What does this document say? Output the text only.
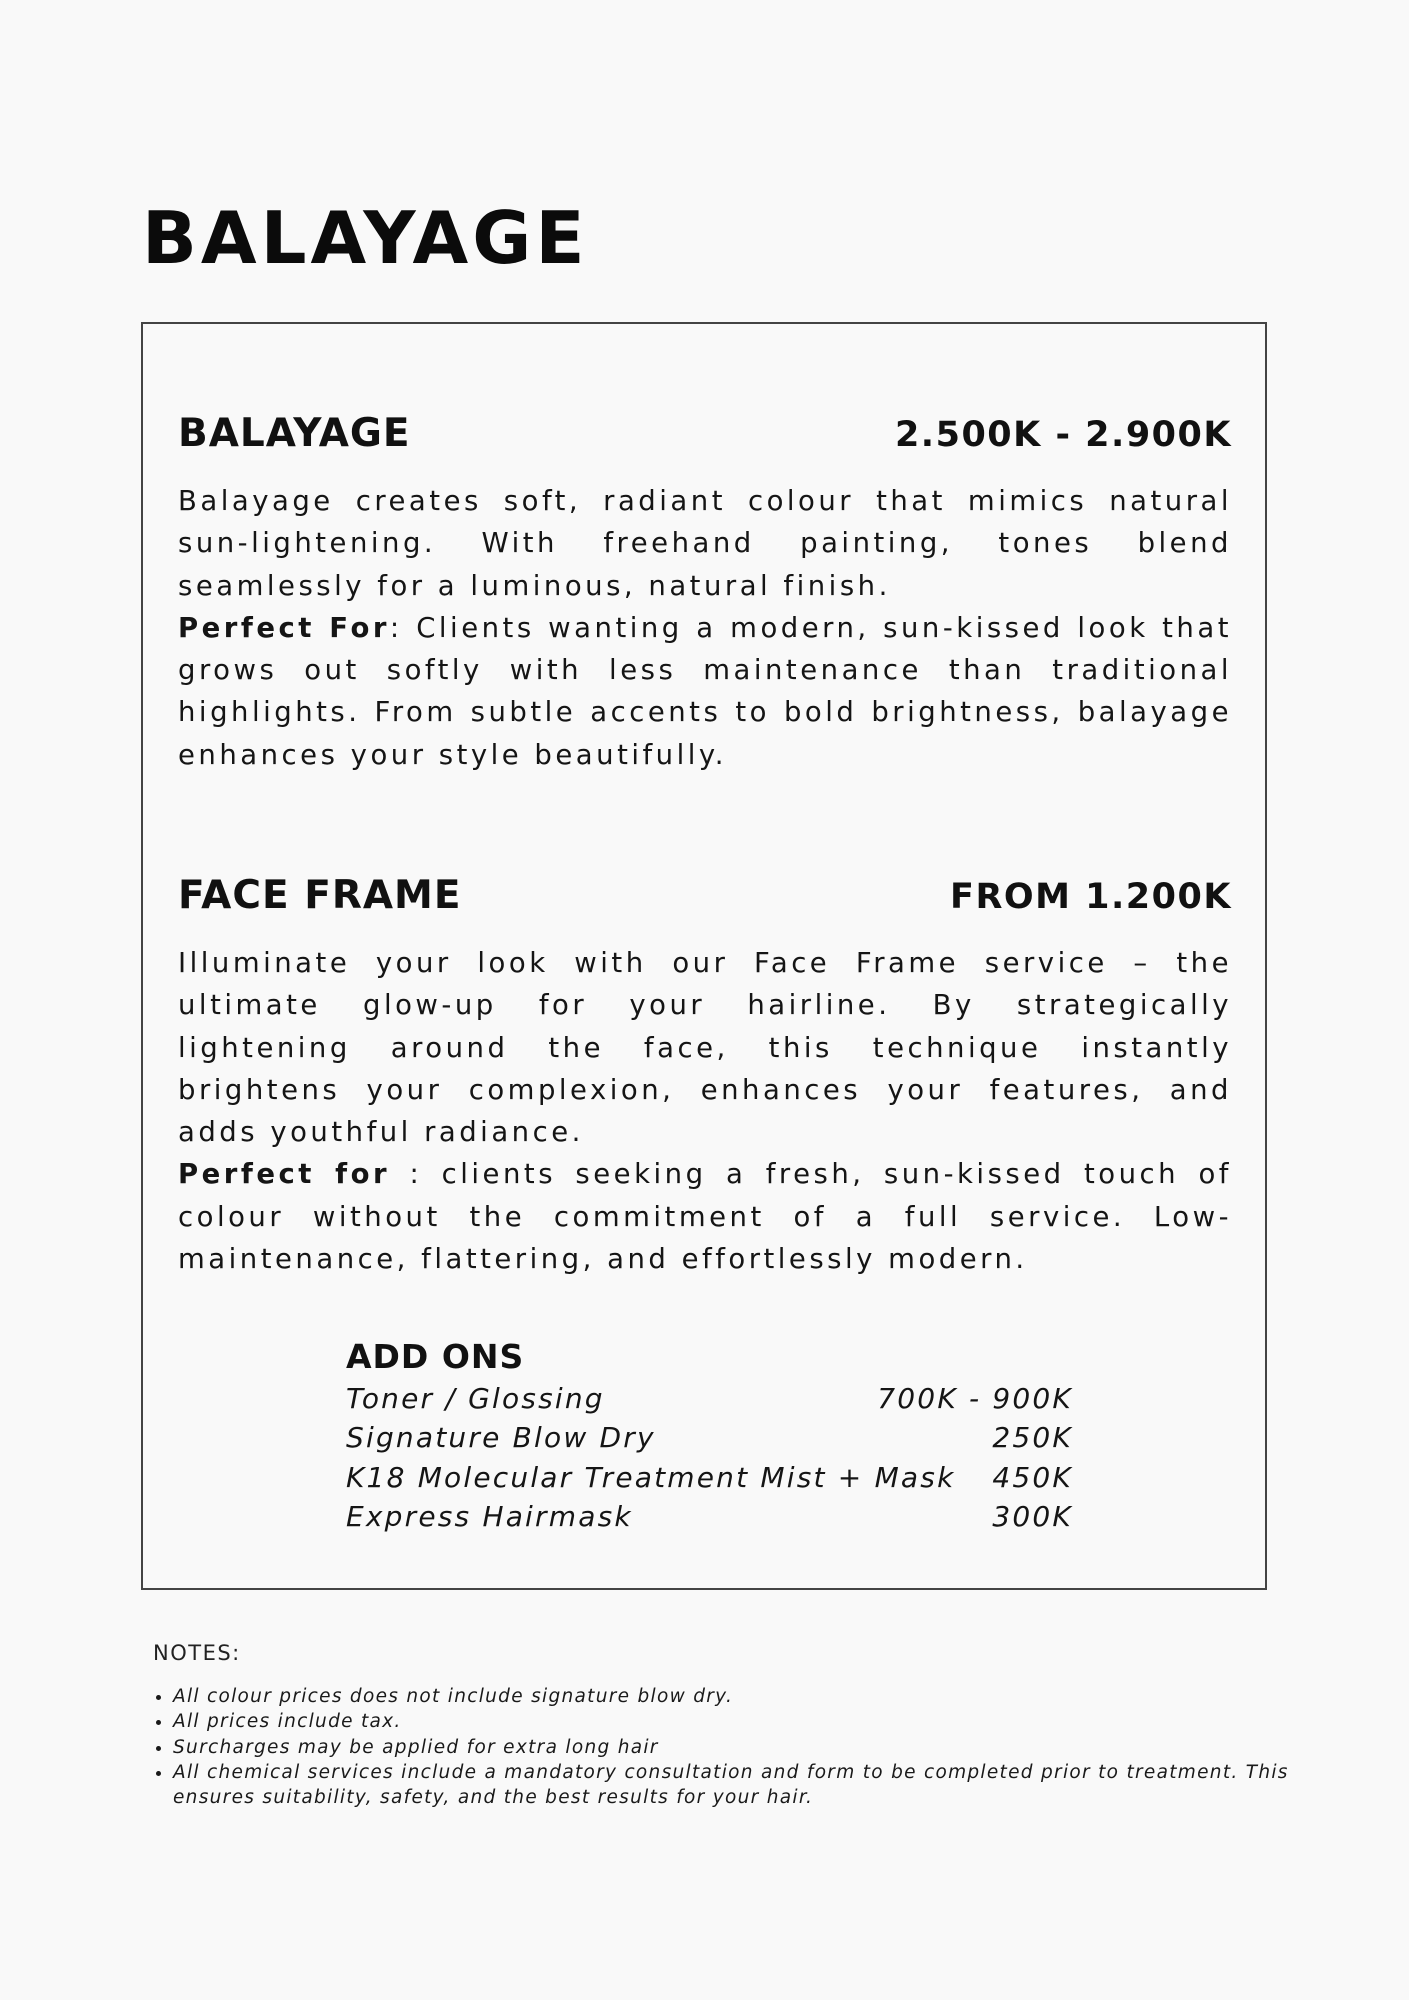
BALAYAGE
BALAYAGE	2.500K - 2.900K

Balayage creates soft, radiant colour that mimics natural sun-lightening. With freehand painting, tones blend seamlessly for a luminous, natural finish.

Perfect For: Clients wanting a modern, sun-kissed look that grows out softly with less maintenance than traditional highlights. From subtle accents to bold brightness, balayage enhances your style beautifully.

FACE FRAME	FROM 1.200K

Illuminate your look with our Face Frame service – the ultimate glow-up for your hairline. By strategically lightening around the face, this technique instantly brightens your complexion, enhances your features, and adds youthful radiance.

Perfect for : clients seeking a fresh, sun-kissed touch of colour without the commitment of a full service. Low-maintenance, flattering, and effortlessly modern.

ADD ONS
Toner / Glossing	700K - 900K
Signature Blow Dry	250K
K18 Molecular Treatment Mist + Mask 450K
Express Hairmask	300K
NOTES:
• All colour prices does not include signature blow dry.
• All prices include tax.
• Surcharges may be applied for extra long hair
• All chemical services include a mandatory consultation and form to be completed prior to treatment. This ensures suitability, safety, and the best results for your hair.
